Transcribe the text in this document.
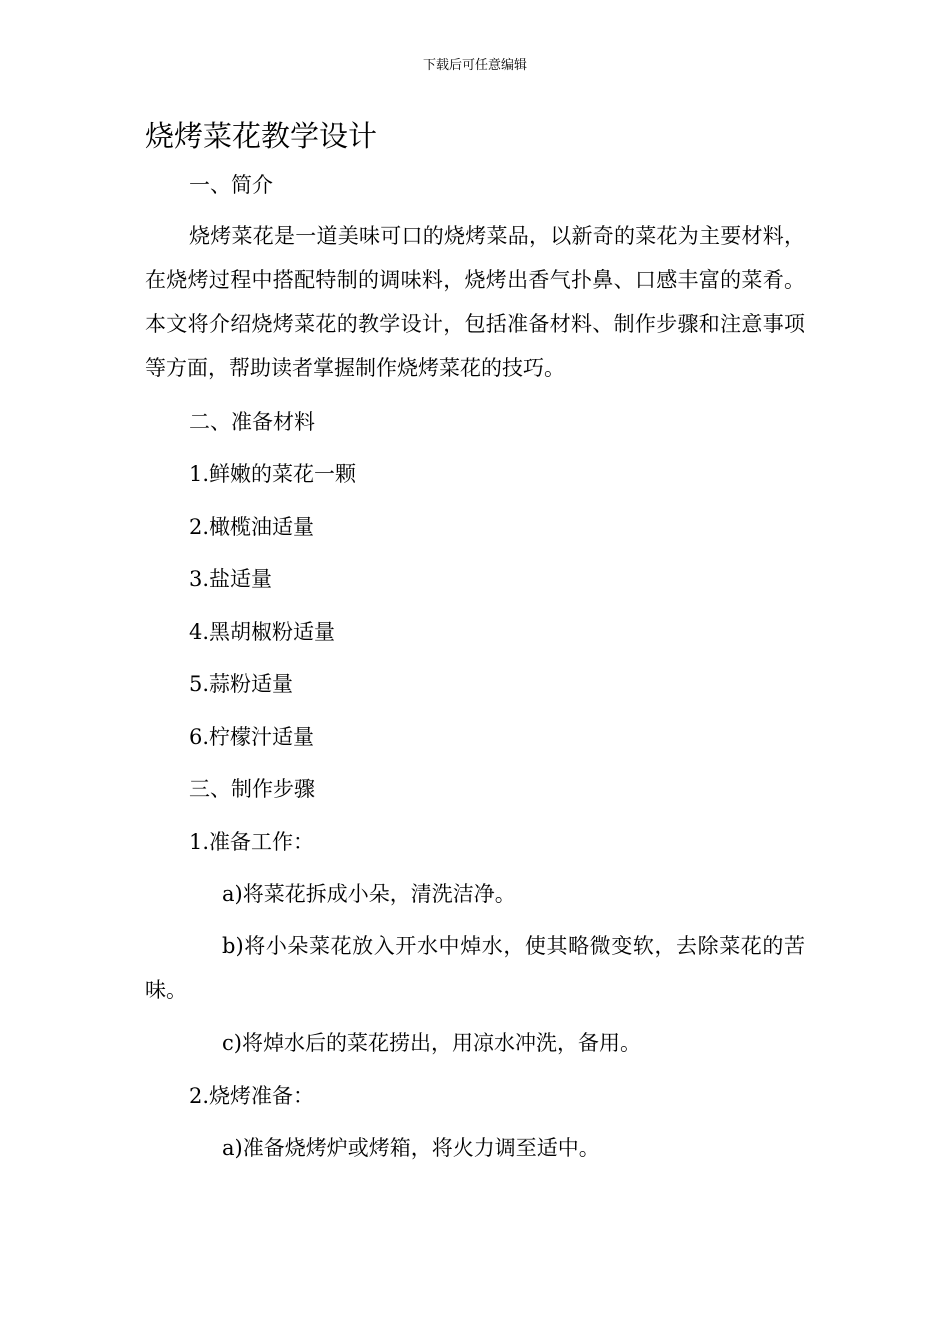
下载后可任意编辑
烧烤菜花教学设计
一、简介
烧烤菜花是一道美味可口的烧烤菜品，以新奇的菜花为主要材料，在烧烤过程中搭配特制的调味料，烧烤出香气扑鼻、口感丰富的菜肴。本文将介绍烧烤菜花的教学设计，包括准备材料、制作步骤和注意事项等方面，帮助读者掌握制作烧烤菜花的技巧。
二、准备材料
1.鲜嫩的菜花一颗
2.橄榄油适量
3.盐适量
4.黑胡椒粉适量
5.蒜粉适量
6.柠檬汁适量
三、制作步骤
1.准备工作：
a)将菜花拆成小朵，清洗洁净。
b)将小朵菜花放入开水中焯水，使其略微变软，去除菜花的苦味。
c)将焯水后的菜花捞出，用凉水冲洗，备用。
2.烧烤准备：
a)准备烧烤炉或烤箱，将火力调至适中。
